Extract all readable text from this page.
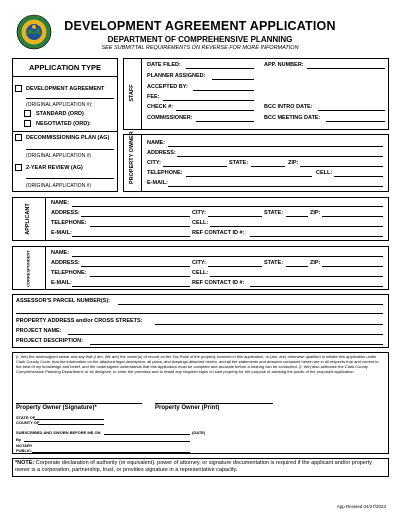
DEVELOPMENT AGREEMENT APPLICATION
DEPARTMENT OF COMPREHENSIVE PLANNING
SEE SUBMITTAL REQUIREMENTS ON REVERSE FOR MORE INFORMATION
APPLICATION TYPE
DEVELOPMENT AGREEMENT
(ORIGINAL APPLICATION #):
STANDARD (ORD)
NEGOTIATED (ORD):
DECOMMISSIONING PLAN (AG)
(ORIGINAL APPLICATION #)
2-YEAR REVIEW (AG)
(ORIGINAL APPLICATION #)
STAFF
DATE FILED:	APP. NUMBER:
PLANNER ASSIGNED:
ACCEPTED BY:
FEE:
CHECK #:	BCC INTRO DATE:
COMMISSIONER:	BCC MEETING DATE:
PROPERTY OWNER NAME:
ADDRESS:
CITY:	STATE:	ZIP:
TELEPHONE:	CELL:
E-MAIL:
APPLICANT
NAME:
ADDRESS:	CITY:	STATE:	ZIP:
TELEPHONE:	CELL:
E-MAIL:	REF CONTACT ID #:
CORRESPONDENT	NAME:
ADDRESS:	CITY:	STATE:	ZIP:
TELEPHONE:	CELL:
E-MAIL:	REF CONTACT ID #:
ASSESSOR'S PARCEL NUMBER(S):
PROPERTY ADDRESS and/or CROSS STREETS:
PROJECT NAME:
PROJECT DESCRIPTION:
(I, We) the undersigned swear and say that (I am, We are) the owner(s) of record on the Tax Rolls of the property involved in this application, or (am, are) otherwise qualified to initiate this application under Clark County Code; that the information on the attached legal description, all plans, and drawings attached hereto, and all the statements and answers contained herein are in all respects true and correct to the best of my knowledge and belief, and the undersigned understands that this application must be complete and accurate before a hearing can be conducted. (I, We) also authorize the Clark County Comprehensive Planning Department, or its designee, to enter the premises and to install any required signs on said property for the purpose of advising the public of the proposed application.
Property Owner (Signature)*	Property Owner (Print)
STATE OF
COUNTY OF
SUBSCRIBED AND SWORN BEFORE ME ON	(DATE)
By
NOTARY
PUBLIC:
*NOTE: Corporate declaration of authority (or equivalent), power of attorney, or signature documentation is required if the applicant and/or property owner is a corporation, partnership, trust, or provides signature in a representative capacity.
App Revised 04/27/2023
